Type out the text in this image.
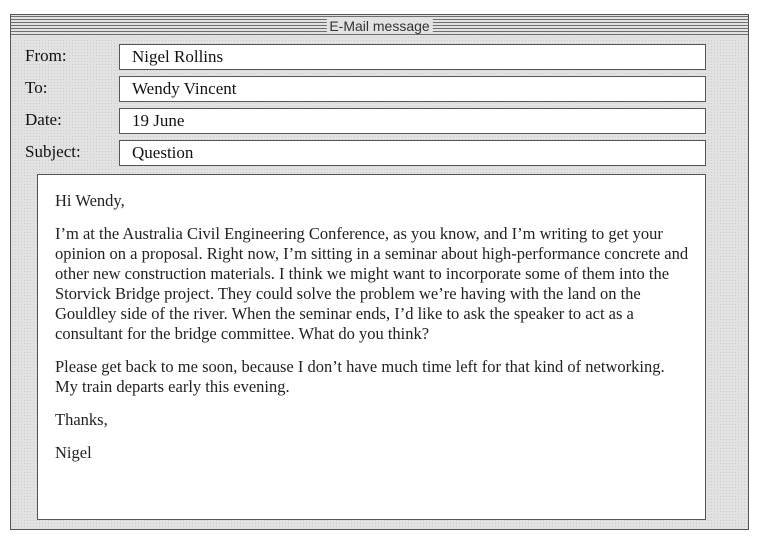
E-Mail message
From:	Nigel Rollins
To:	Wendy Vincent
Date:	19 June
Subject:	Question

Hi Wendy,

I’m at the Australia Civil Engineering Conference, as you know, and I’m writing to get your opinion on a proposal. Right now, I’m sitting in a seminar about high-performance concrete and other new construction materials. I think we might want to incorporate some of them into the Storvick Bridge project. They could solve the problem we’re having with the land on the Gouldley side of the river. When the seminar ends, I’d like to ask the speaker to act as a consultant for the bridge committee. What do you think?

Please get back to me soon, because I don’t have much time left for that kind of networking. My train departs early this evening.

Thanks,

Nigel
